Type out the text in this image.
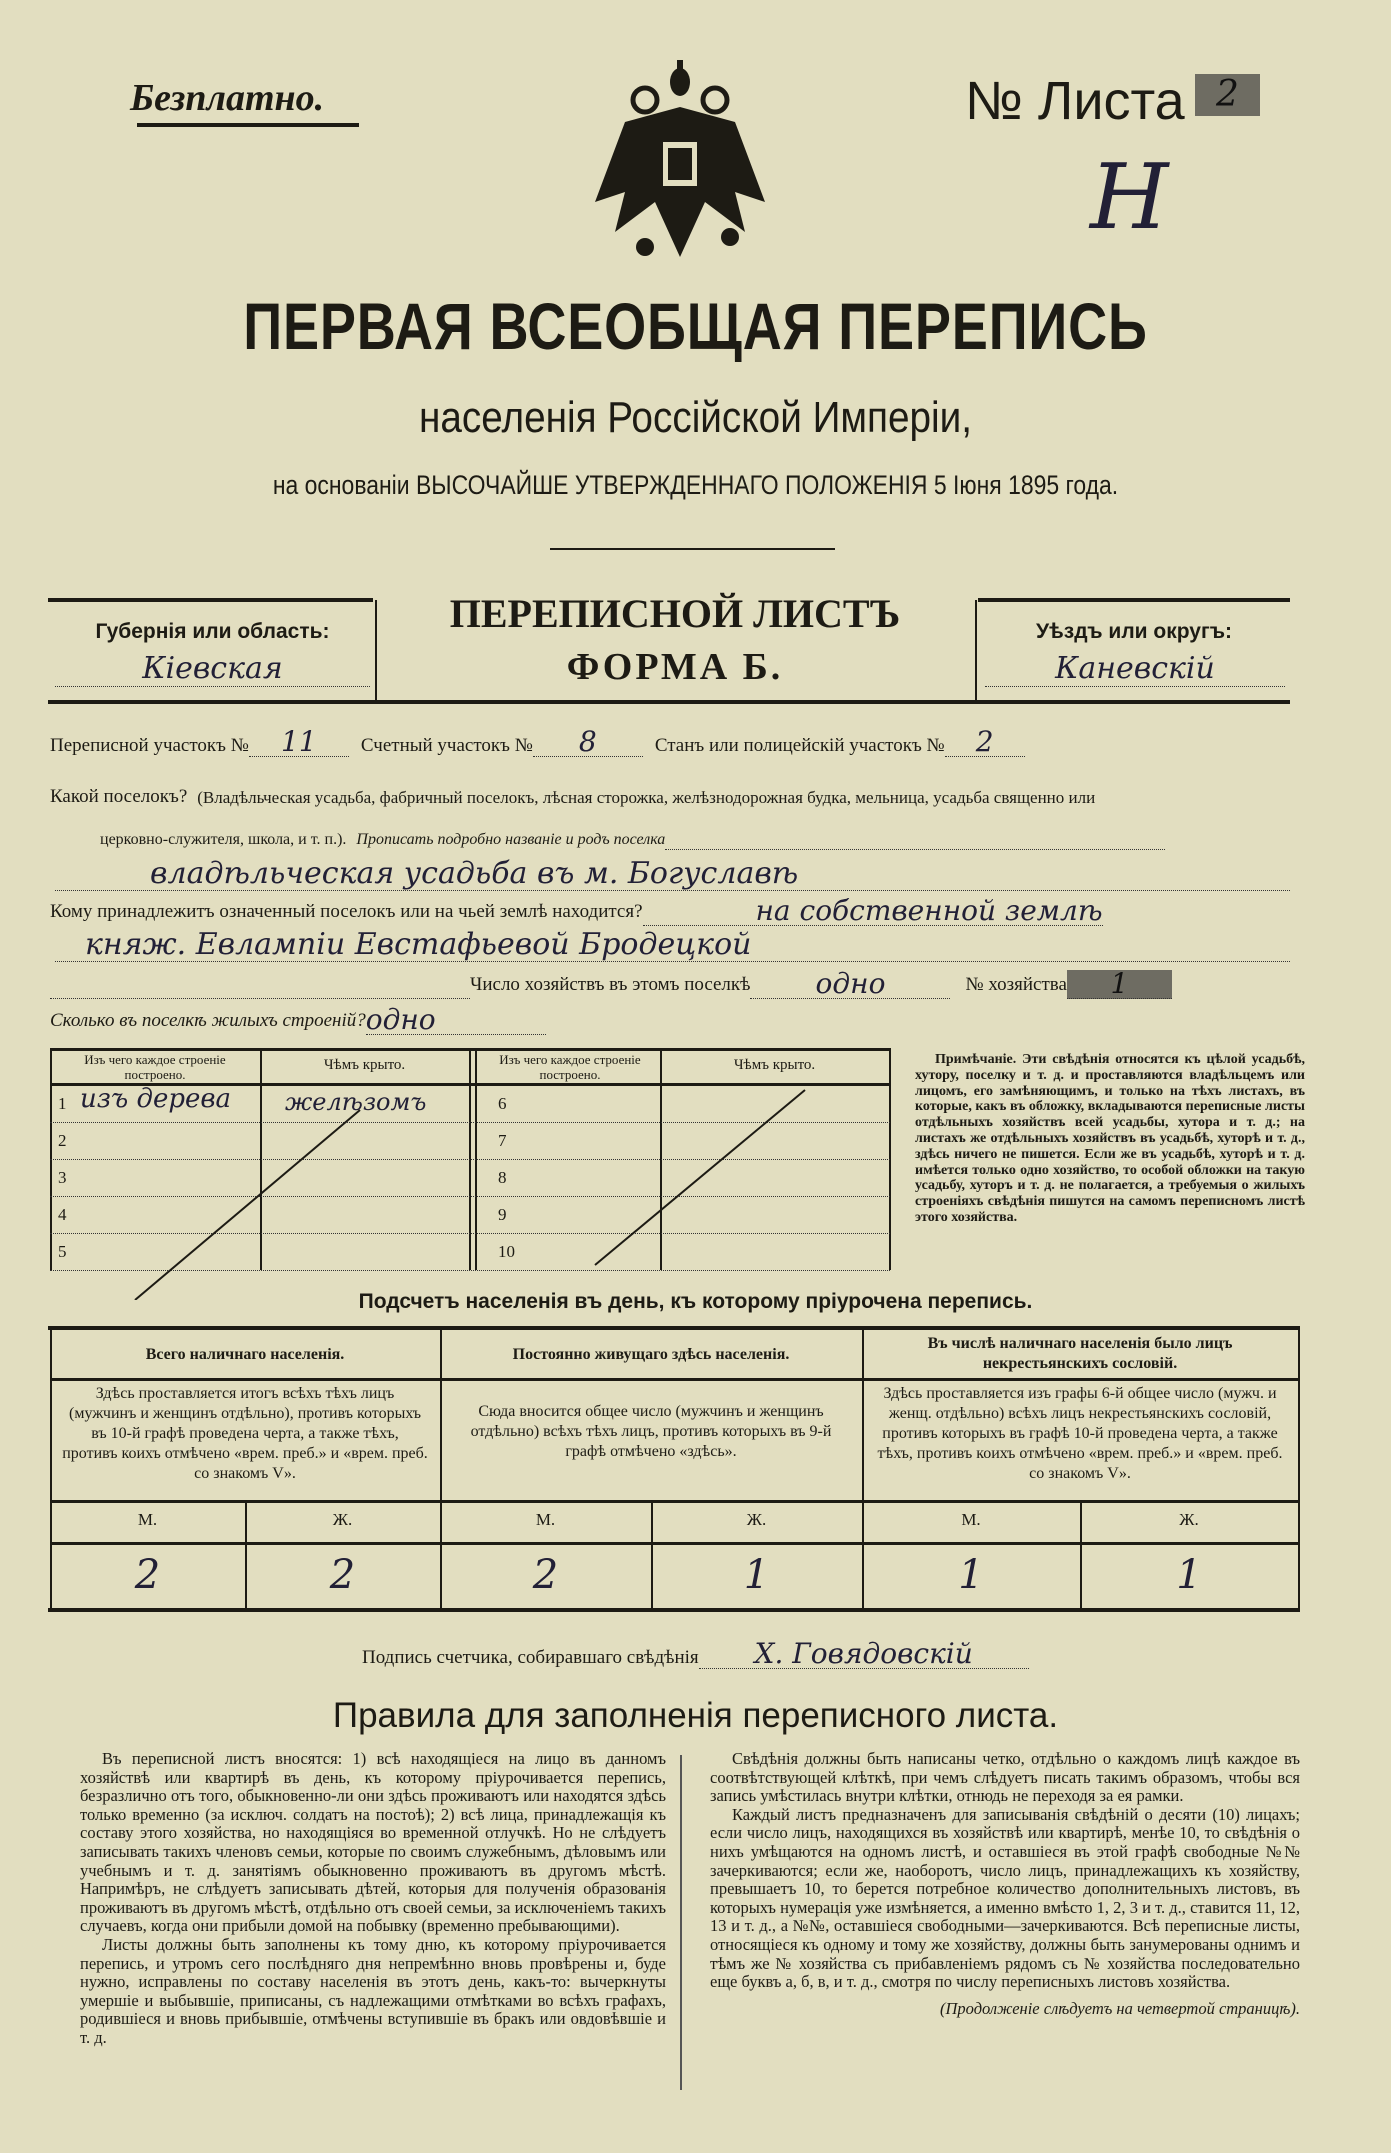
Безплатно.	№ Листа 2
Н
ПЕРВАЯ ВСЕОБЩАЯ ПЕРЕПИСЬ
населенія Россійской Имперіи,
на основаніи ВЫСОЧАЙШЕ УТВЕРЖДЕННАГО ПОЛОЖЕНІЯ 5 Іюня 1895 года.
Губернія или область:
Кіевская
ПЕРЕПИСНОЙ ЛИСТЪ
ФОРМА Б.
Уѣздъ или округъ:
Каневскій
Переписной участокъ №	11	Счетный участокъ №	8	Станъ или полицейскій участокъ №	2
Какой поселокъ? (Владѣльческая усадьба, фабричный поселокъ, лѣсная сторожка, желѣзнодорожная будка, мельница, усадьба священно или
церковно-служителя, школа, и т. п.). Прописать подробно названіе и родъ поселка
владѣльческая усадьба въ м. Богуславѣ
Кому принадлежитъ означенный поселокъ или на чьей землѣ находится?	на собственной землѣ
княж. Евлампіи Евстафьевой Бродецкой
Число хозяйствъ въ этомъ поселкѣ	одно	№ хозяйства	1
Сколько въ поселкѣ жилыхъ строеній? одно
Изъ чего каждое строеніе построено.
Чѣмъ крыто.	Изъ чего каждое строеніе построено.
Чѣмъ крыто.
1 изъ дерева желѣзомъ	6
2	7
3	8
4	9
5	10
Примѣчаніе. Эти свѣдѣнія относятся къ цѣлой усадьбѣ, хутору, поселку и т. д. и проставляются владѣльцемъ или лицомъ, его замѣняющимъ, и только на тѣхъ листахъ, въ которые, какъ въ обложку, вкладываются переписные листы отдѣльныхъ хозяйствъ всей усадьбы, хутора и т. д.; на листахъ же отдѣльныхъ хозяйствъ въ усадьбѣ, хуторѣ и т. д., здѣсь ничего не пишется. Если же въ усадьбѣ, хуторѣ и т. д. имѣется только одно хозяйство, то особой обложки на такую усадьбу, хуторъ и т. д. не полагается, а требуемыя о жилыхъ строеніяхъ свѣдѣнія пишутся на самомъ переписномъ листѣ этого хозяйства.
Подсчетъ населенія въ день, къ которому пріурочена перепись.
Всего наличнаго населенія.
Здѣсь проставляется итогъ всѣхъ тѣхъ лицъ (мужчинъ и женщинъ отдѣльно), противъ которыхъ въ 10-й графѣ проведена черта, а также тѣхъ, противъ коихъ отмѣчено «врем. преб.» и «врем. преб. со знакомъ V».
М.	Ж.
2	2
Постоянно живущаго здѣсь населенія.
Сюда вносится общее число (мужчинъ и женщинъ отдѣльно) всѣхъ тѣхъ лицъ, противъ которыхъ въ 9-й графѣ отмѣчено «здѣсь».
М.	Ж.
2	1
Въ числѣ наличнаго населенія было лицъ некрестьянскихъ сословій.
Здѣсь проставляется изъ графы 6-й общее число (мужч. и женщ. отдѣльно) всѣхъ лицъ некрестьянскихъ сословій, противъ которыхъ въ графѣ 10-й проведена черта, а также тѣхъ, противъ коихъ отмѣчено «врем. преб.» и «врем. преб. со знакомъ V».
М.	Ж.
1	1
Подпись счетчика, собиравшаго свѣдѣнія	Х. Говядовскій
Правила для заполненія переписного листа.

Въ переписной листъ вносятся: 1) всѣ находящіеся на лицо въ данномъ хозяйствѣ или квартирѣ въ день, къ которому пріурочивается перепись, безразлично отъ того, обыкновенно-ли они здѣсь проживаютъ или находятся здѣсь только временно (за исключ. солдатъ на постоѣ); 2) всѣ лица, принадлежащія къ составу этого хозяйства, но находящіяся во временной отлучкѣ. Но не слѣдуетъ записывать такихъ членовъ семьи, которые по своимъ служебнымъ, дѣловымъ или учебнымъ и т. д. занятіямъ обыкновенно проживаютъ въ другомъ мѣстѣ. Напримѣръ, не слѣдуетъ записывать дѣтей, которыя для полученія образованія проживаютъ въ другомъ мѣстѣ, отдѣльно отъ своей семьи, за исключеніемъ такихъ случаевъ, когда они прибыли домой на побывку (временно пребывающими).

Листы должны быть заполнены къ тому дню, къ которому пріурочивается перепись, и утромъ сего послѣдняго дня непремѣнно вновь провѣрены и, буде нужно, исправлены по составу населенія въ этотъ день, какъ-то: вычеркнуты умершіе и выбывшіе, приписаны, съ надлежащими отмѣтками во всѣхъ графахъ, родившіеся и вновь прибывшіе, отмѣчены вступившіе въ бракъ или овдовѣвшіе и т. д.

Свѣдѣнія должны быть написаны четко, отдѣльно о каждомъ лицѣ каждое въ соотвѣтствующей клѣткѣ, при чемъ слѣдуетъ писать такимъ образомъ, чтобы вся запись умѣстилась внутри клѣтки, отнюдь не переходя за ея рамки.

Каждый листъ предназначенъ для записыванія свѣдѣній о десяти (10) лицахъ; если число лицъ, находящихся въ хозяйствѣ или квартирѣ, менѣе 10, то свѣдѣнія о нихъ умѣщаются на одномъ листѣ, и оставшіеся въ этой графѣ свободные №№ зачеркиваются; если же, наоборотъ, число лицъ, принадлежащихъ къ хозяйству, превышаетъ 10, то берется потребное количество дополнительныхъ листовъ, въ которыхъ нумерація уже измѣняется, а именно вмѣсто 1, 2, 3 и т. д., ставится 11, 12, 13 и т. д., а №№, оставшіеся свободными—зачеркиваются. Всѣ переписные листы, относящіеся къ одному и тому же хозяйству, должны быть занумерованы однимъ и тѣмъ же № хозяйства съ прибавленіемъ рядомъ съ № хозяйства последовательно еще буквъ а, б, в, и т. д., смотря по числу переписныхъ листовъ хозяйства.

(Продолженіе слѣдуетъ на четвертой страницѣ).
